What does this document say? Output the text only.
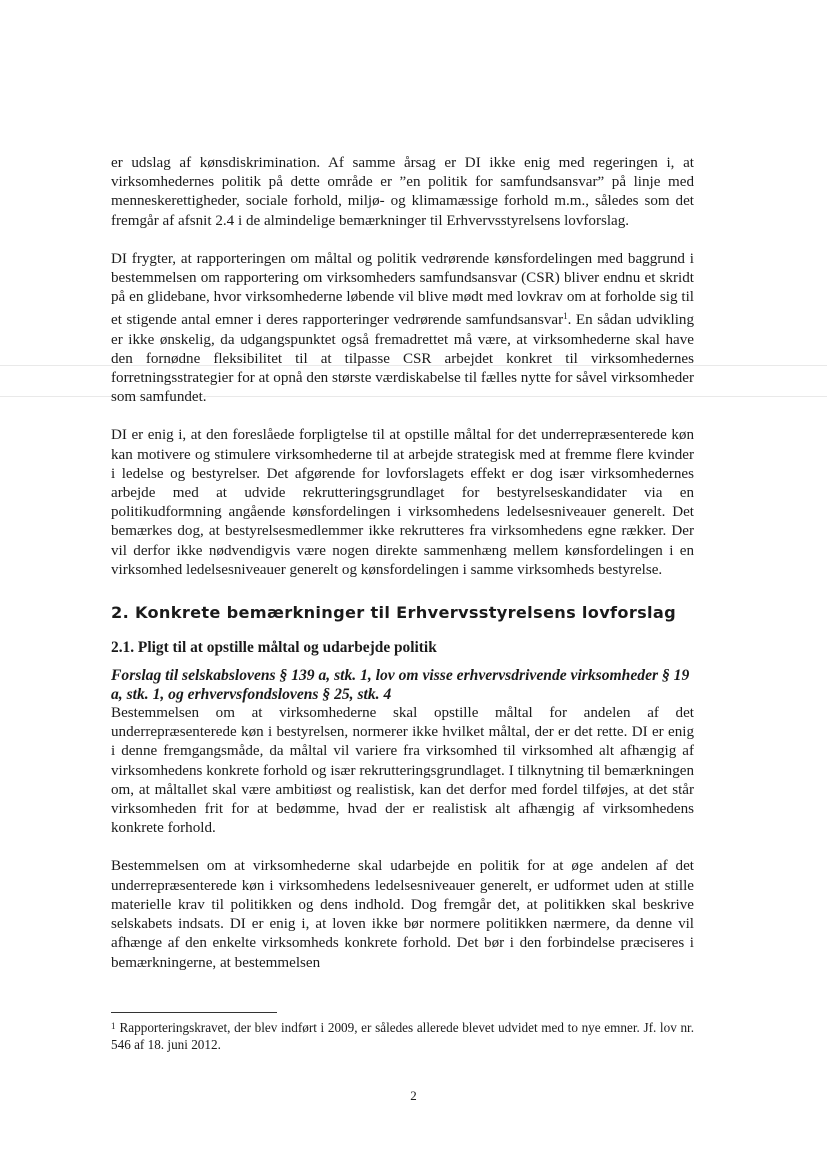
er udslag af kønsdiskrimination. Af samme årsag er DI ikke enig med regeringen i, at virksomhedernes politik på dette område er ”en politik for samfundsansvar” på linje med menneskerettigheder, sociale forhold, miljø- og klimamæssige forhold m.m., således som det fremgår af afsnit 2.4 i de almindelige bemærkninger til Erhvervsstyrelsens lovforslag.

DI frygter, at rapporteringen om måltal og politik vedrørende kønsfordelingen med baggrund i bestemmelsen om rapportering om virksomheders samfundsansvar (CSR) bliver endnu et skridt på en glidebane, hvor virksomhederne løbende vil blive mødt med lovkrav om at forholde sig til et stigende antal emner i deres rapporteringer vedrørende samfundsansvar$^1$. En sådan udvikling er ikke ønskelig, da udgangspunktet også fremadrettet må være, at virksomhederne skal have den fornødne fleksibilitet til at tilpasse CSR arbejdet konkret til virksomhedernes forretningsstrategier for at opnå den største værdiskabelse til fælles nytte for såvel virksomheder som samfundet.

DI er enig i, at den foreslåede forpligtelse til at opstille måltal for det underrepræsenterede køn kan motivere og stimulere virksomhederne til at arbejde strategisk med at fremme flere kvinder i ledelse og bestyrelser. Det afgørende for lovforslagets effekt er dog især virksomhedernes arbejde med at udvide rekrutteringsgrundlaget for bestyrelseskandidater via en politikudformning angående kønsfordelingen i virksomhedens ledelsesniveauer generelt. Det bemærkes dog, at bestyrelsesmedlemmer ikke rekrutteres fra virksomhedens egne rækker. Der vil derfor ikke nødvendigvis være nogen direkte sammenhæng mellem kønsfordelingen i en virksomhed ledelsesniveauer generelt og kønsfordelingen i samme virksomheds bestyrelse.

2. Konkrete bemærkninger til Erhvervsstyrelsens lovforslag
2.1. Pligt til at opstille måltal og udarbejde politik
Forslag til selskabslovens § 139 a, stk. 1, lov om visse erhvervsdrivende virksomheder § 19 a, stk. 1, og erhvervsfondslovens § 25, stk. 4

Bestemmelsen om at virksomhederne skal opstille måltal for andelen af det underrepræsenterede køn i bestyrelsen, normerer ikke hvilket måltal, der er det rette. DI er enig i denne fremgangsmåde, da måltal vil variere fra virksomhed til virksomhed alt afhængig af virksomhedens konkrete forhold og især rekrutteringsgrundlaget. I tilknytning til bemærkningen om, at måltallet skal være ambitiøst og realistisk, kan det derfor med fordel tilføjes, at det står virksomheden frit for at bedømme, hvad der er realistisk alt afhængig af virksomhedens konkrete forhold.

Bestemmelsen om at virksomhederne skal udarbejde en politik for at øge andelen af det underrepræsenterede køn i virksomhedens ledelsesniveauer generelt, er udformet uden at stille materielle krav til politikken og dens indhold. Dog fremgår det, at politikken skal beskrive selskabets indsats. DI er enig i, at loven ikke bør normere politikken nærmere, da denne vil afhænge af den enkelte virksomheds konkrete forhold. Det bør i den forbindelse præciseres i bemærkningerne, at bestemmelsen

$^1$ Rapporteringskravet, der blev indført i 2009, er således allerede blevet udvidet med to nye emner. Jf. lov nr. 546 af 18. juni 2012.

2
